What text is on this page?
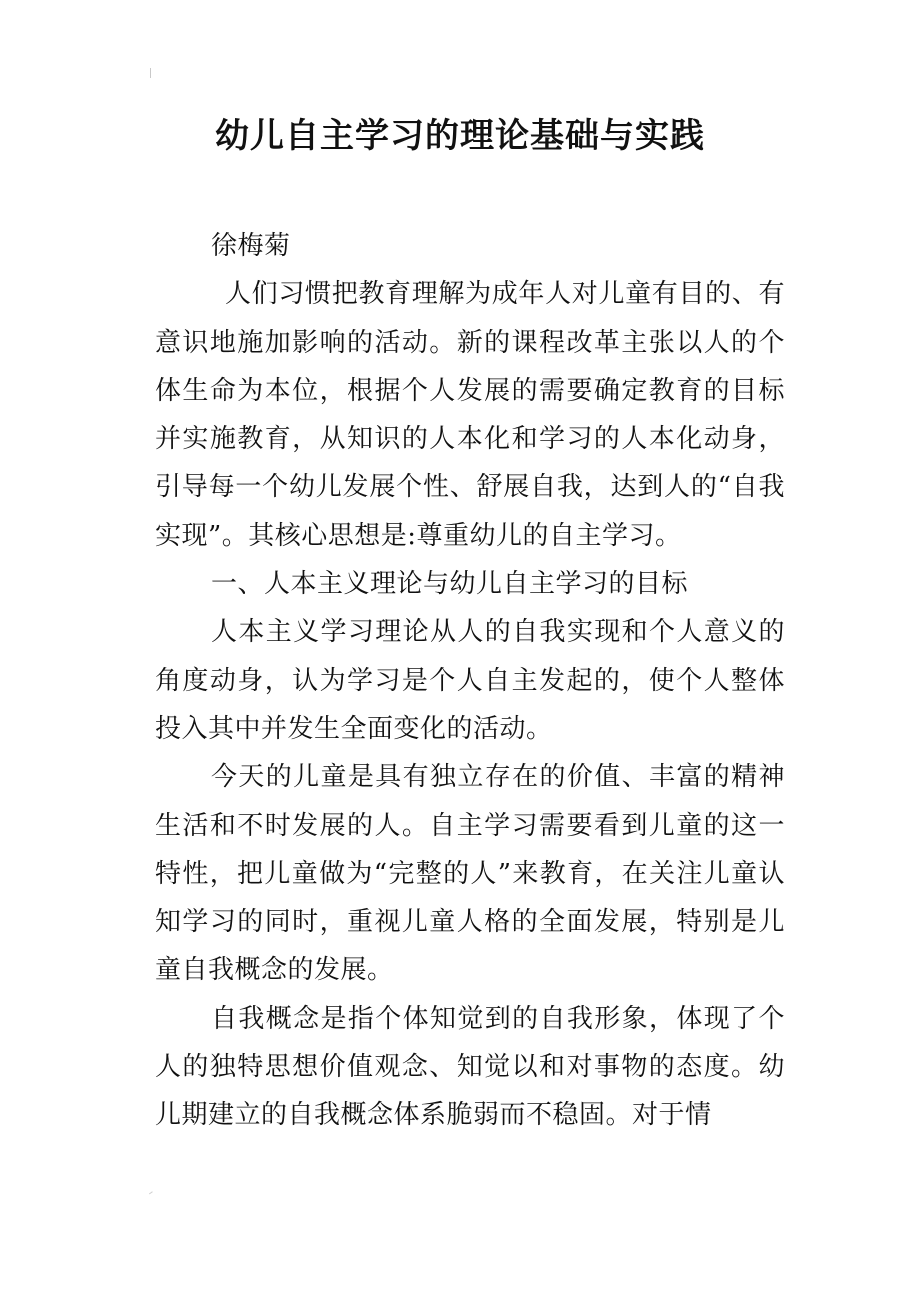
幼儿自主学习的理论基础与实践

徐梅菊

人们习惯把教育理解为成年人对儿童有目的、有意识地施加影响的活动。新的课程改革主张以人的个体生命为本位，根据个人发展的需要确定教育的目标并实施教育，从知识的人本化和学习的人本化动身，引导每一个幼儿发展个性、舒展自我，达到人的“自我实现”。其核心思想是:尊重幼儿的自主学习。

一、人本主义理论与幼儿自主学习的目标

人本主义学习理论从人的自我实现和个人意义的角度动身，认为学习是个人自主发起的，使个人整体投入其中并发生全面变化的活动。

今天的儿童是具有独立存在的价值、丰富的精神生活和不时发展的人。自主学习需要看到儿童的这一特性，把儿童做为“完整的人”来教育，在关注儿童认知学习的同时，重视儿童人格的全面发展，特别是儿童自我概念的发展。

自我概念是指个体知觉到的自我形象，体现了个人的独特思想价值观念、知觉以和对事物的态度。幼儿期建立的自我概念体系脆弱而不稳固。对于情
